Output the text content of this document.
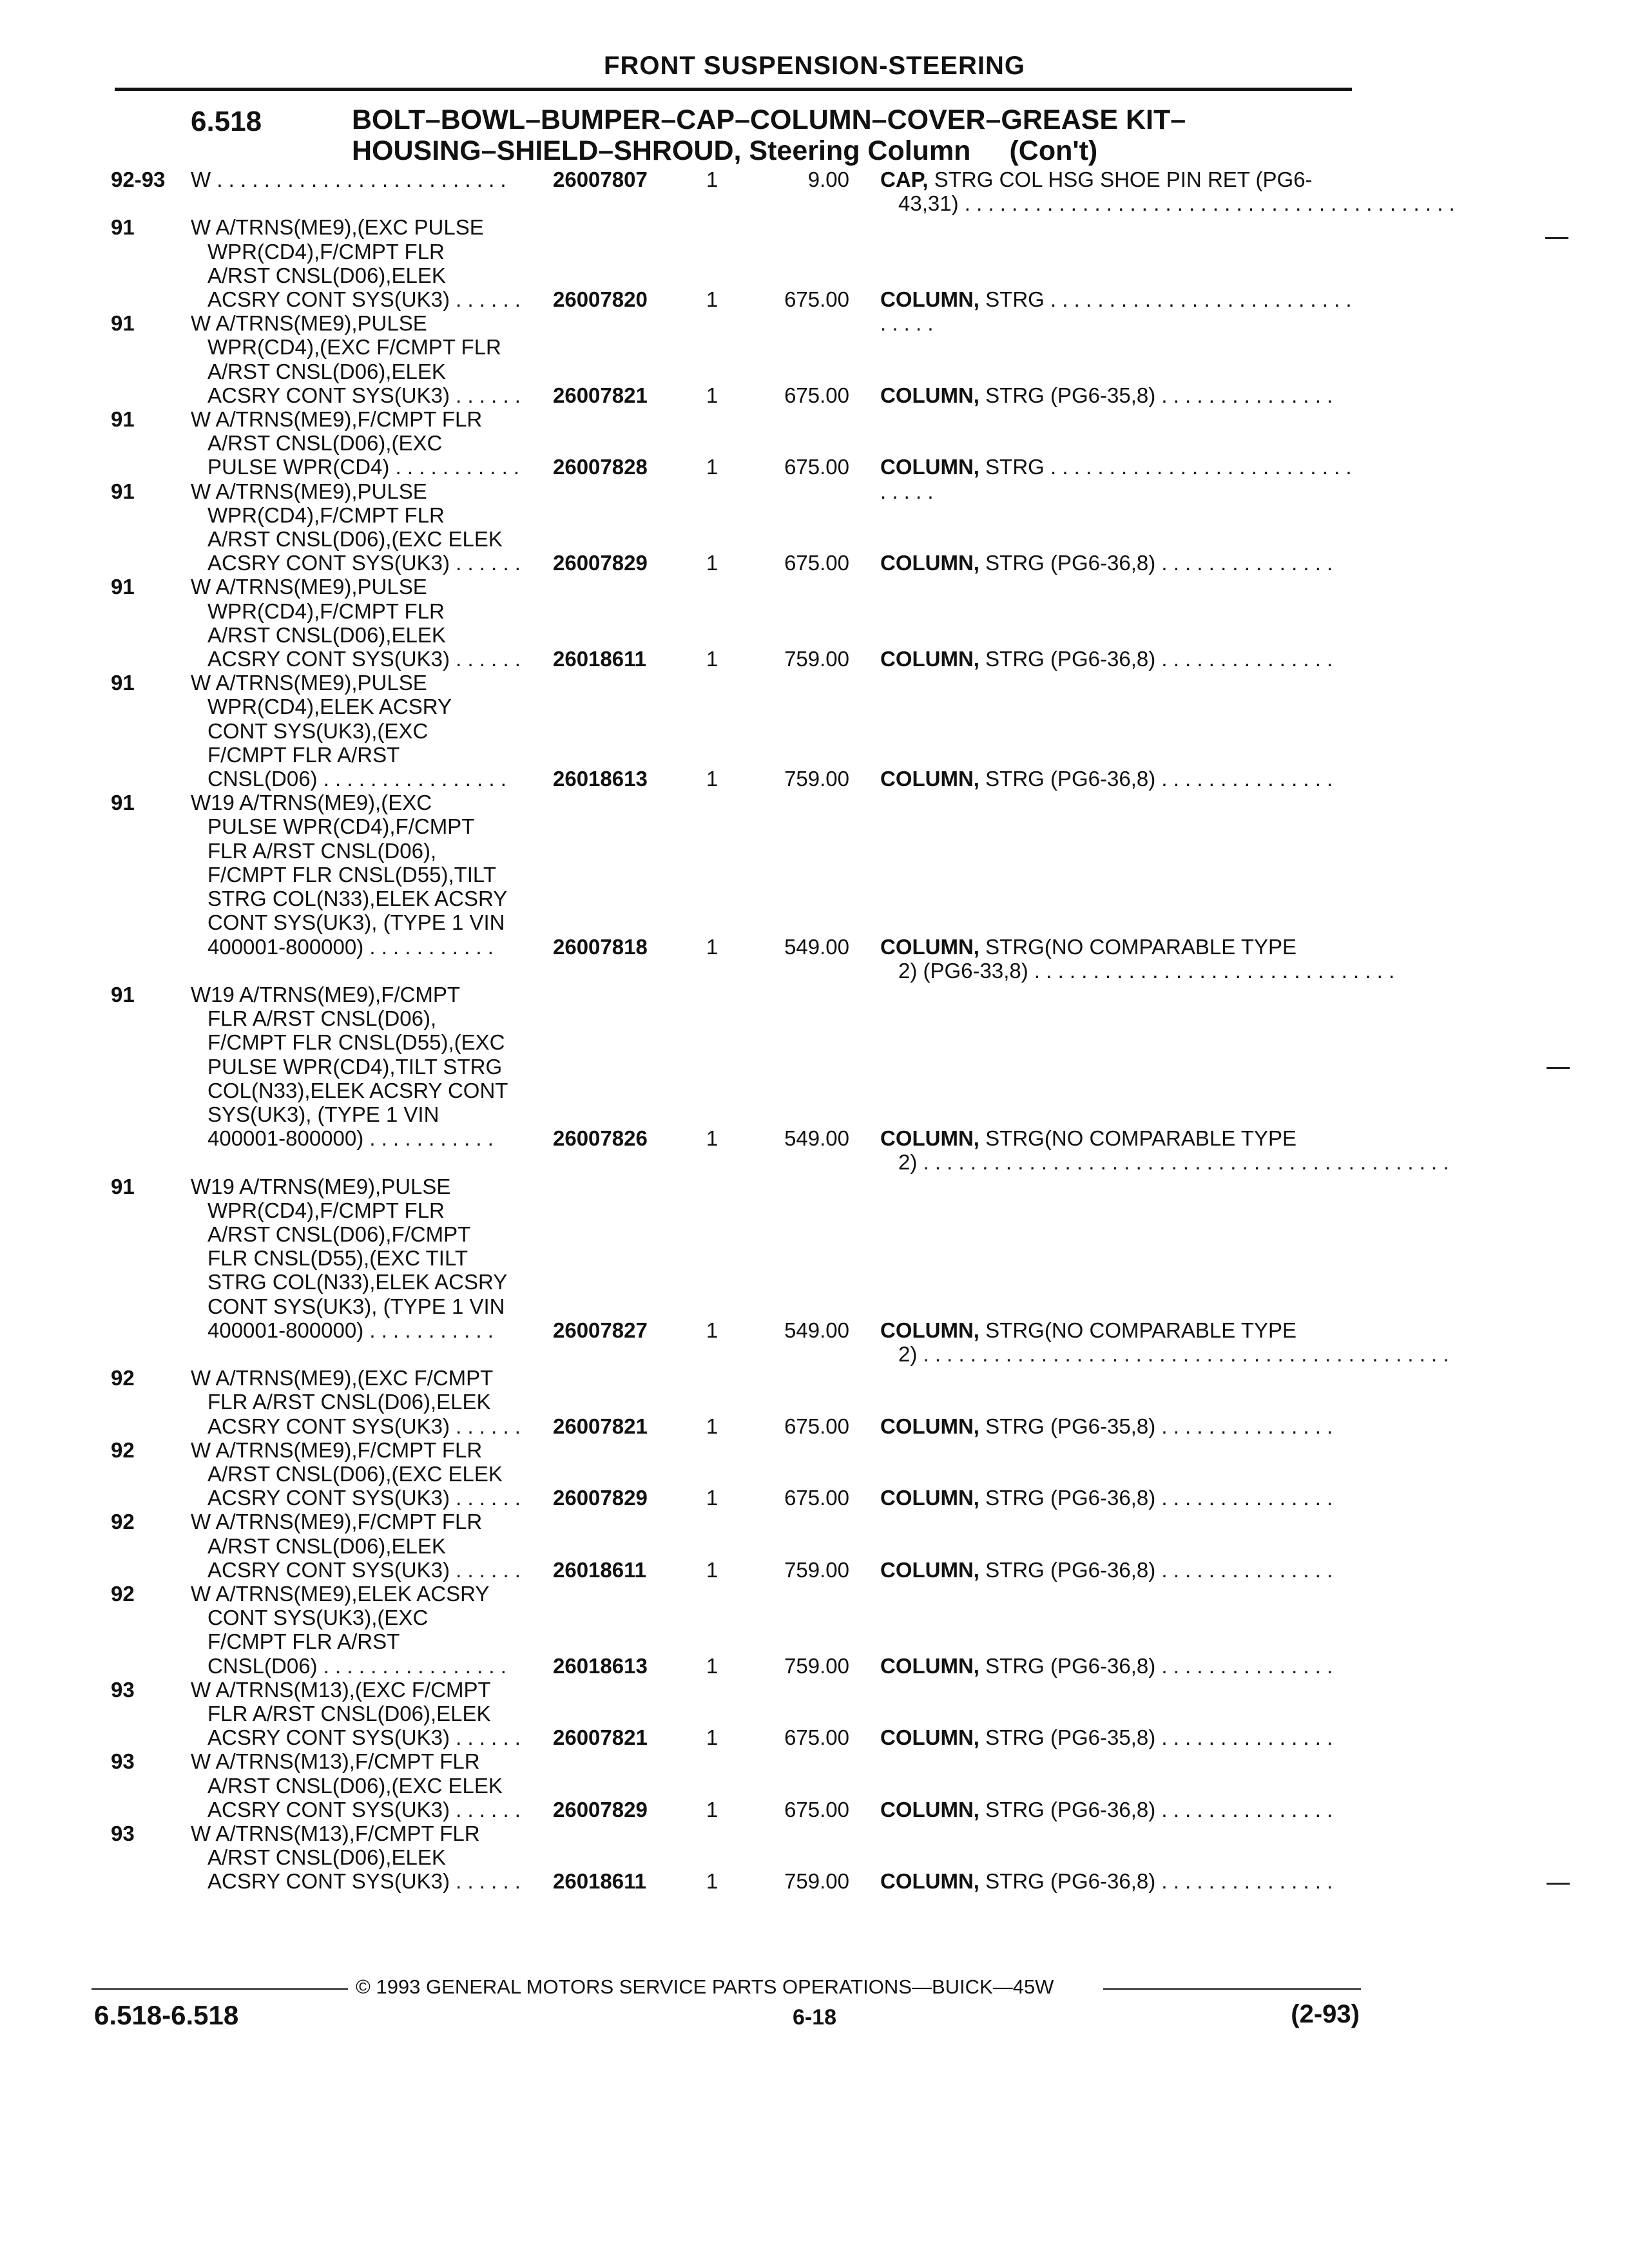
FRONT SUSPENSION-STEERING
6.518	BOLT–BOWL–BUMPER–CAP–COLUMN–COVER–GREASE KIT–
HOUSING–SHIELD–SHROUD, Steering Column (Con't)
92-93 W . . . . . . . . . . . . . . . . . . . . . . . . .	26007807	1	9.00 CAP, STRG COL HSG SHOE PIN RET (PG6-
43,31) . . . . . . . . . . . . . . . . . . . . . . . . . . . . . . . . . . . . . . . . . .
91	W A/TRNS(ME9),(EXC PULSE
WPR(CD4),F/CMPT FLR
A/RST CNSL(D06),ELEK
ACSRY CONT SYS(UK3) . . . . . .	26007820	1	675.00 COLUMN, STRG . . . . . . . . . . . . . . . . . . . . . . . . . . . . . . .
91	W A/TRNS(ME9),PULSE
WPR(CD4),(EXC F/CMPT FLR
A/RST CNSL(D06),ELEK
ACSRY CONT SYS(UK3) . . . . . .	26007821	1	675.00 COLUMN, STRG (PG6-35,8) . . . . . . . . . . . . . . .
91	W A/TRNS(ME9),F/CMPT FLR
A/RST CNSL(D06),(EXC
PULSE WPR(CD4) . . . . . . . . . . .	26007828	1	675.00 COLUMN, STRG . . . . . . . . . . . . . . . . . . . . . . . . . . . . . . .
91	W A/TRNS(ME9),PULSE
WPR(CD4),F/CMPT FLR
A/RST CNSL(D06),(EXC ELEK
ACSRY CONT SYS(UK3) . . . . . .	26007829	1	675.00 COLUMN, STRG (PG6-36,8) . . . . . . . . . . . . . . .
91	W A/TRNS(ME9),PULSE
WPR(CD4),F/CMPT FLR
A/RST CNSL(D06),ELEK
ACSRY CONT SYS(UK3) . . . . . .	26018611	1	759.00 COLUMN, STRG (PG6-36,8) . . . . . . . . . . . . . . .
91	W A/TRNS(ME9),PULSE
WPR(CD4),ELEK ACSRY
CONT SYS(UK3),(EXC
F/CMPT FLR A/RST
CNSL(D06) . . . . . . . . . . . . . . . .	26018613	1	759.00 COLUMN, STRG (PG6-36,8) . . . . . . . . . . . . . . .
91	W19 A/TRNS(ME9),(EXC
PULSE WPR(CD4),F/CMPT
FLR A/RST CNSL(D06),
F/CMPT FLR CNSL(D55),TILT
STRG COL(N33),ELEK ACSRY
CONT SYS(UK3), (TYPE 1 VIN
400001-800000) . . . . . . . . . . .	26007818	1	549.00 COLUMN, STRG(NO COMPARABLE TYPE
2) (PG6-33,8) . . . . . . . . . . . . . . . . . . . . . . . . . . . . . . .
91	W19 A/TRNS(ME9),F/CMPT
FLR A/RST CNSL(D06),
F/CMPT FLR CNSL(D55),(EXC
PULSE WPR(CD4),TILT STRG
COL(N33),ELEK ACSRY CONT
SYS(UK3), (TYPE 1 VIN
400001-800000) . . . . . . . . . . .	26007826	1	549.00 COLUMN, STRG(NO COMPARABLE TYPE
2) . . . . . . . . . . . . . . . . . . . . . . . . . . . . . . . . . . . . . . . . . . . . .
91	W19 A/TRNS(ME9),PULSE
WPR(CD4),F/CMPT FLR
A/RST CNSL(D06),F/CMPT
FLR CNSL(D55),(EXC TILT
STRG COL(N33),ELEK ACSRY
CONT SYS(UK3), (TYPE 1 VIN
400001-800000) . . . . . . . . . . .	26007827	1	549.00 COLUMN, STRG(NO COMPARABLE TYPE
2) . . . . . . . . . . . . . . . . . . . . . . . . . . . . . . . . . . . . . . . . . . . . .
92	W A/TRNS(ME9),(EXC F/CMPT
FLR A/RST CNSL(D06),ELEK
ACSRY CONT SYS(UK3) . . . . . .	26007821	1	675.00 COLUMN, STRG (PG6-35,8) . . . . . . . . . . . . . . .
92	W A/TRNS(ME9),F/CMPT FLR
A/RST CNSL(D06),(EXC ELEK
ACSRY CONT SYS(UK3) . . . . . .	26007829	1	675.00 COLUMN, STRG (PG6-36,8) . . . . . . . . . . . . . . .
92	W A/TRNS(ME9),F/CMPT FLR
A/RST CNSL(D06),ELEK
ACSRY CONT SYS(UK3) . . . . . .	26018611	1	759.00 COLUMN, STRG (PG6-36,8) . . . . . . . . . . . . . . .
92	W A/TRNS(ME9),ELEK ACSRY
CONT SYS(UK3),(EXC
F/CMPT FLR A/RST
CNSL(D06) . . . . . . . . . . . . . . . .	26018613	1	759.00 COLUMN, STRG (PG6-36,8) . . . . . . . . . . . . . . .
93	W A/TRNS(M13),(EXC F/CMPT
FLR A/RST CNSL(D06),ELEK
ACSRY CONT SYS(UK3) . . . . . .	26007821	1	675.00 COLUMN, STRG (PG6-35,8) . . . . . . . . . . . . . . .
93	W A/TRNS(M13),F/CMPT FLR
A/RST CNSL(D06),(EXC ELEK
ACSRY CONT SYS(UK3) . . . . . .	26007829	1	675.00 COLUMN, STRG (PG6-36,8) . . . . . . . . . . . . . . .
93	W A/TRNS(M13),F/CMPT FLR
A/RST CNSL(D06),ELEK
ACSRY CONT SYS(UK3) . . . . . .	26018611	1	759.00 COLUMN, STRG (PG6-36,8) . . . . . . . . . . . . . . .
© 1993 GENERAL MOTORS SERVICE PARTS OPERATIONS—BUICK—45W
6.518-6.518	6-18	(2-93)
